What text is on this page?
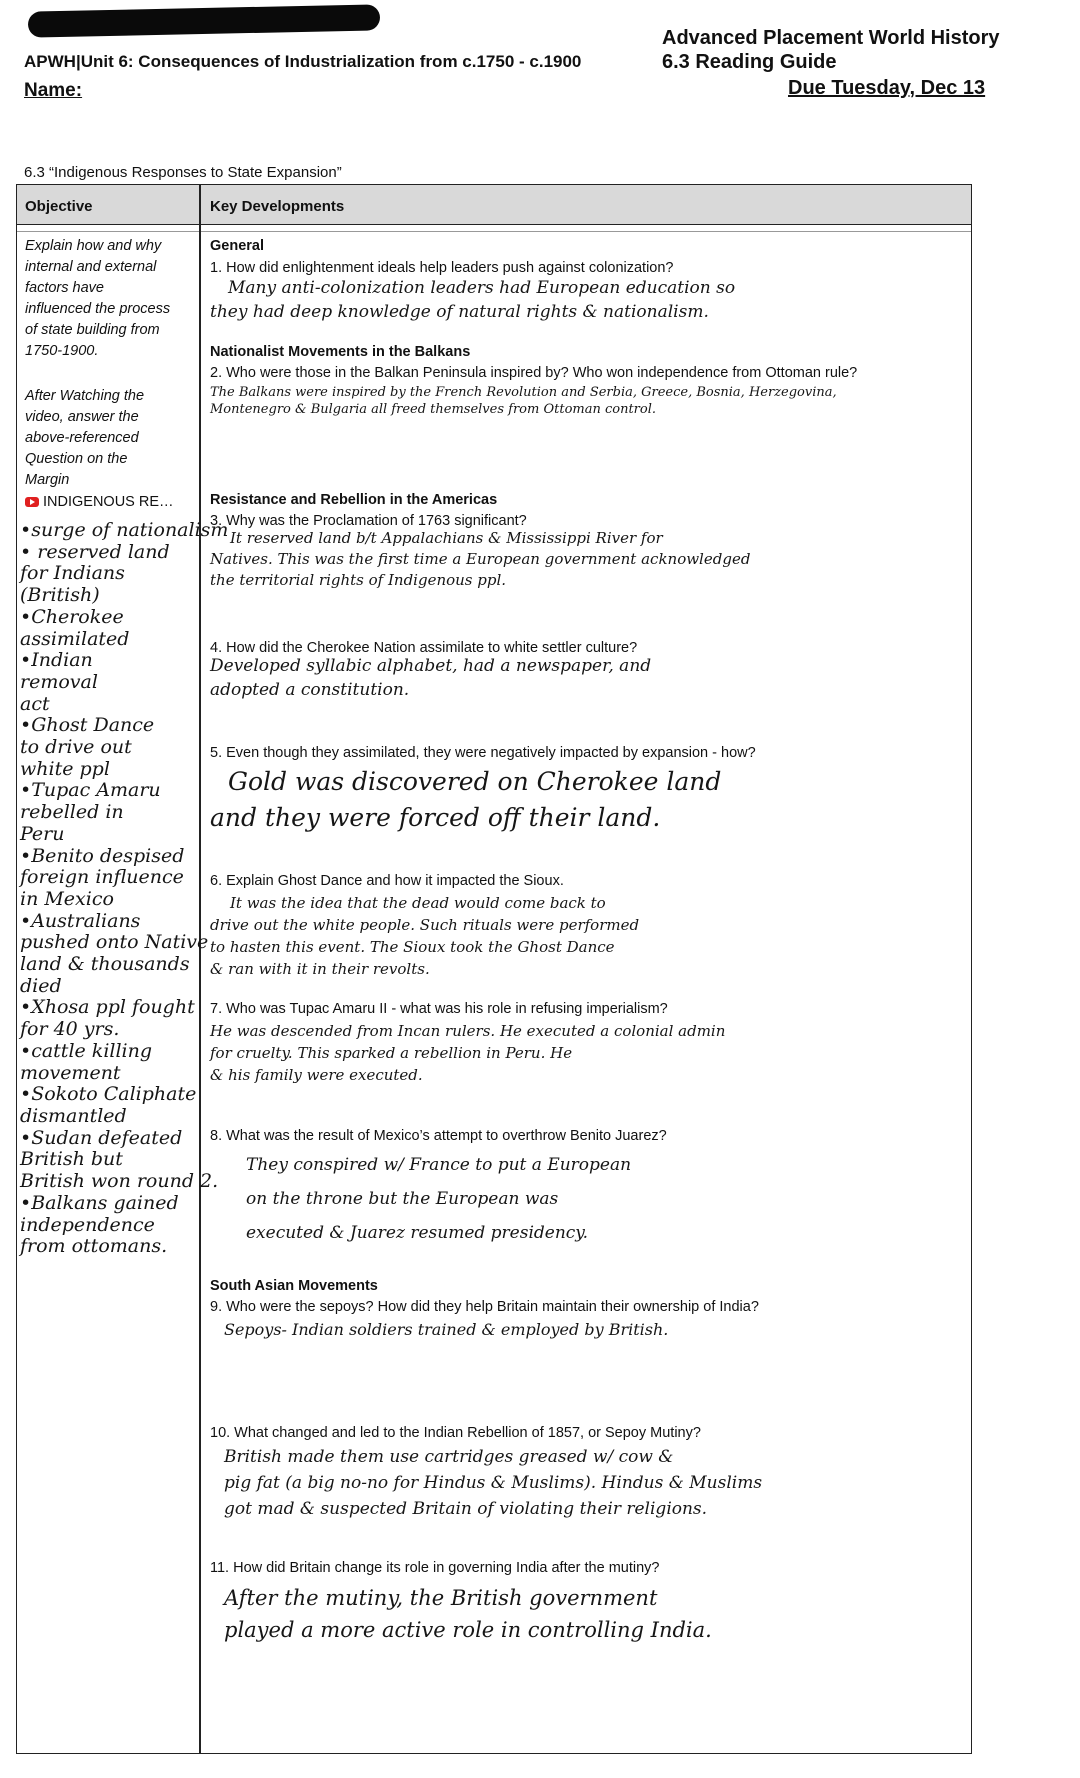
APWH|Unit 6: Consequences of Industrialization from c.1750 - c.1900
Name:
Advanced Placement World History
6.3 Reading Guide
Due Tuesday, Dec 13
6.3 “Indigenous Responses to State Expansion”
Objective	Key Developments
Explain how and why
internal and external
factors have
influenced the process
of state building from
1750-1900.
After Watching the
video, answer the
above-referenced
Question on the
Margin
INDIGENOUS RE…
•surge of nationalism
• reserved land
for Indians
(British)
•Cherokee
assimilated
•Indian
removal
act
•Ghost Dance
to drive out
white ppl
•Tupac Amaru
rebelled in
Peru
•Benito despised
foreign influence
in Mexico
•Australians
pushed onto Native
land & thousands
died
•Xhosa ppl fought
for 40 yrs.
•cattle killing
movement
•Sokoto Caliphate
dismantled
•Sudan defeated
British but
British won round 2.
•Balkans gained
independence
from ottomans.
General
1. How did enlightenment ideals help leaders push against colonization?
Many anti-colonization leaders had European education so
they had deep knowledge of natural rights & nationalism.
Nationalist Movements in the Balkans
2. Who were those in the Balkan Peninsula inspired by? Who won independence from Ottoman rule?
The Balkans were inspired by the French Revolution and Serbia, Greece, Bosnia, Herzegovina,
Montenegro & Bulgaria all freed themselves from Ottoman control.
Resistance and Rebellion in the Americas
3. Why was the Proclamation of 1763 significant?
It reserved land b/t Appalachians & Mississippi River for
Natives. This was the first time a European government acknowledged
the territorial rights of Indigenous ppl.
4. How did the Cherokee Nation assimilate to white settler culture?
Developed syllabic alphabet, had a newspaper, and
adopted a constitution.
5. Even though they assimilated, they were negatively impacted by expansion - how?
Gold was discovered on Cherokee land
and they were forced off their land.
6. Explain Ghost Dance and how it impacted the Sioux.
It was the idea that the dead would come back to
drive out the white people. Such rituals were performed
to hasten this event. The Sioux took the Ghost Dance
& ran with it in their revolts.
7. Who was Tupac Amaru II - what was his role in refusing imperialism?
He was descended from Incan rulers. He executed a colonial admin
for cruelty. This sparked a rebellion in Peru. He
& his family were executed.
8. What was the result of Mexico’s attempt to overthrow Benito Juarez?
They conspired w/ France to put a European
on the throne but the European was
executed & Juarez resumed presidency.
South Asian Movements
9. Who were the sepoys? How did they help Britain maintain their ownership of India?
Sepoys- Indian soldiers trained & employed by British.
10. What changed and led to the Indian Rebellion of 1857, or Sepoy Mutiny?
British made them use cartridges greased w/ cow &
pig fat (a big no-no for Hindus & Muslims). Hindus & Muslims
got mad & suspected Britain of violating their religions.
11. How did Britain change its role in governing India after the mutiny?
After the mutiny, the British government
played a more active role in controlling India.
